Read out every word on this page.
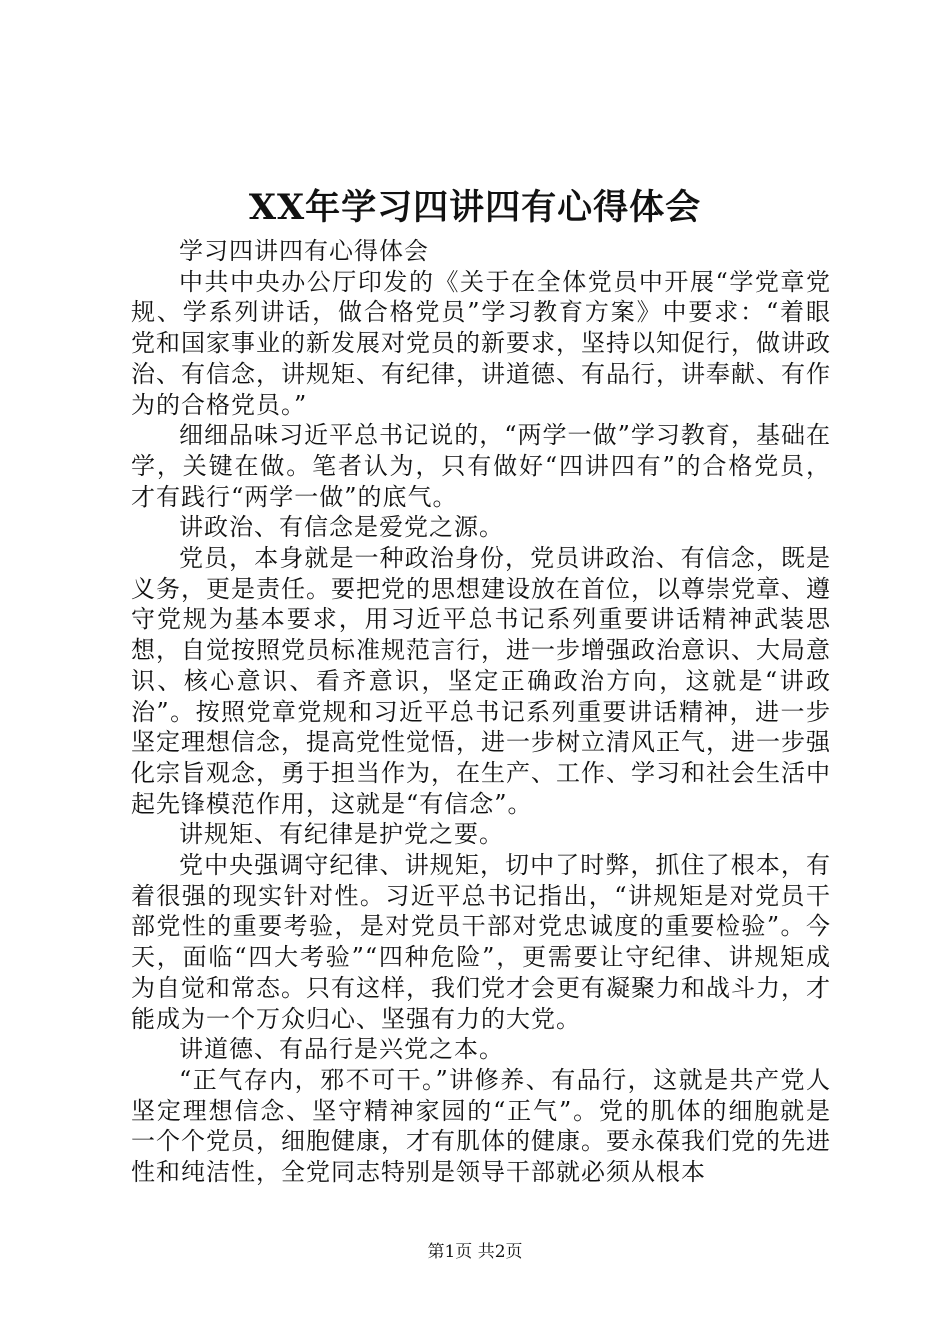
XX年学习四讲四有心得体会

学习四讲四有心得体会

中共中央办公厅印发的《关于在全体党员中开展“学党章党规、学系列讲话，做合格党员”学习教育方案》中要求：“着眼党和国家事业的新发展对党员的新要求，坚持以知促行，做讲政治、有信念，讲规矩、有纪律，讲道德、有品行，讲奉献、有作为的合格党员。”

细细品味习近平总书记说的，“两学一做”学习教育，基础在学，关键在做。笔者认为，只有做好“四讲四有”的合格党员，才有践行“两学一做”的底气。

讲政治、有信念是爱党之源。

党员，本身就是一种政治身份，党员讲政治、有信念，既是义务，更是责任。要把党的思想建设放在首位，以尊崇党章、遵守党规为基本要求，用习近平总书记系列重要讲话精神武装思想，自觉按照党员标准规范言行，进一步增强政治意识、大局意识、核心意识、看齐意识，坚定正确政治方向，这就是“讲政治”。按照党章党规和习近平总书记系列重要讲话精神，进一步坚定理想信念，提高党性觉悟，进一步树立清风正气，进一步强化宗旨观念，勇于担当作为，在生产、工作、学习和社会生活中起先锋模范作用，这就是“有信念”。

讲规矩、有纪律是护党之要。

党中央强调守纪律、讲规矩，切中了时弊，抓住了根本，有着很强的现实针对性。习近平总书记指出，“讲规矩是对党员干部党性的重要考验，是对党员干部对党忠诚度的重要检验”。今天，面临“四大考验”“四种危险”，更需要让守纪律、讲规矩成为自觉和常态。只有这样，我们党才会更有凝聚力和战斗力，才能成为一个万众归心、坚强有力的大党。

讲道德、有品行是兴党之本。

“正气存内，邪不可干。”讲修养、有品行，这就是共产党人坚定理想信念、坚守精神家园的“正气”。党的肌体的细胞就是一个个党员，细胞健康，才有肌体的健康。要永葆我们党的先进性和纯洁性，全党同志特别是领导干部就必须从根本

第1页 共2页
